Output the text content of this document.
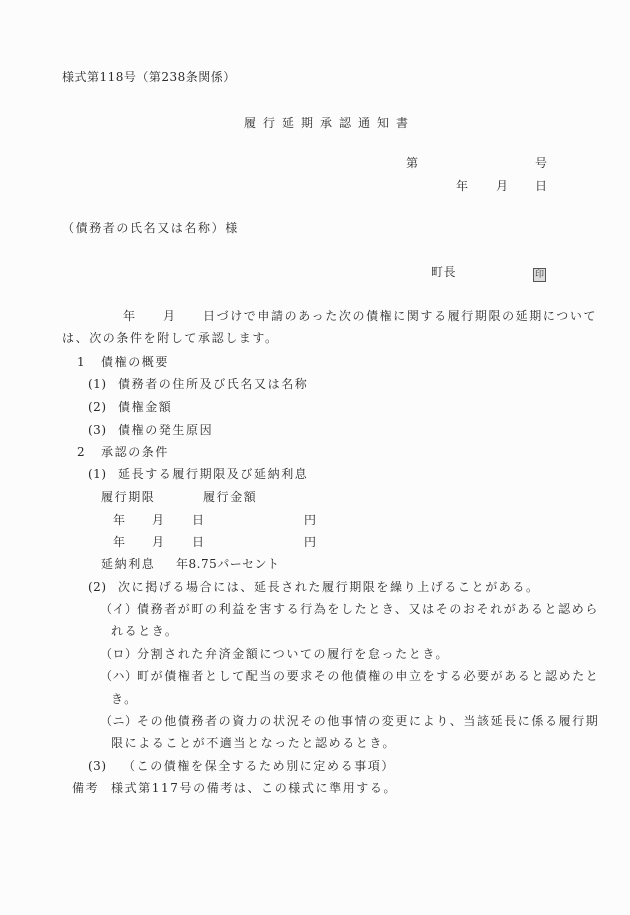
様式第118号（第238条関係）
履行延期承認通知書
第	号
年 月 日
（債務者の氏名又は名称）様
町長	印
年 月 日づけで申請のあった次の債権に関する履行期限の延期について
は、次の条件を附して承認します。
1 債権の概要
(1) 債務者の住所及び氏名又は名称
(2) 債権金額
(3) 債権の発生原因
2 承認の条件
(1) 延長する履行期限及び延納利息
履行期限	履行金額
年 月 日	円
年 月 日	円
延納利息 年8.75パーセント
(2) 次に掲げる場合には、延長された履行期限を繰り上げることがある。
（イ） 債務者が町の利益を害する行為をしたとき、又はそのおそれがあると認めら
れるとき。
（ロ） 分割された弁済金額についての履行を怠ったとき。
（ハ） 町が債権者として配当の要求その他債権の申立をする必要があると認めたと
き。
（ニ） その他債務者の資力の状況その他事情の変更により、当該延長に係る履行期
限によることが不適当となったと認めるとき。
(3) （この債権を保全するため別に定める事項）
備考 様式第117号の備考は、この様式に準用する。
